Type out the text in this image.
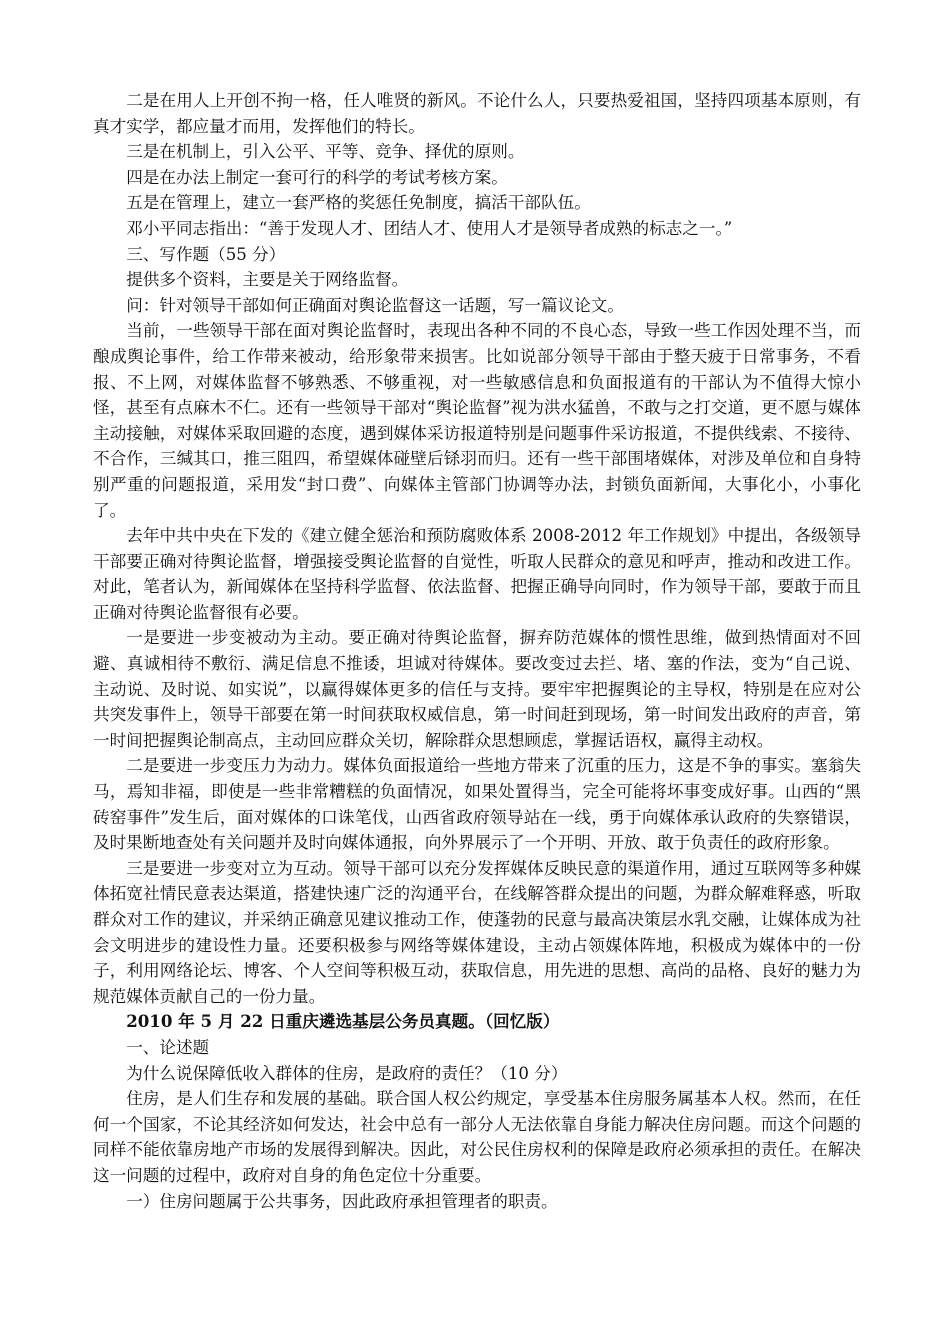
二是在用人上开创不拘一格，任人唯贤的新风。不论什么人，只要热爱祖国，坚持四项基本原则，有真才实学，都应量才而用，发挥他们的特长。

三是在机制上，引入公平、平等、竞争、择优的原则。

四是在办法上制定一套可行的科学的考试考核方案。

五是在管理上，建立一套严格的奖惩任免制度，搞活干部队伍。

邓小平同志指出：“善于发现人才、团结人才、使用人才是领导者成熟的标志之一。”

三、写作题（55 分）

提供多个资料，主要是关于网络监督。

问：针对领导干部如何正确面对舆论监督这一话题，写一篇议论文。

当前，一些领导干部在面对舆论监督时，表现出各种不同的不良心态，导致一些工作因处理不当，而酿成舆论事件，给工作带来被动，给形象带来损害。比如说部分领导干部由于整天疲于日常事务，不看报、不上网，对媒体监督不够熟悉、不够重视，对一些敏感信息和负面报道有的干部认为不值得大惊小怪，甚至有点麻木不仁。还有一些领导干部对“舆论监督”视为洪水猛兽，不敢与之打交道，更不愿与媒体主动接触，对媒体采取回避的态度，遇到媒体采访报道特别是问题事件采访报道，不提供线索、不接待、不合作，三缄其口，推三阻四，希望媒体碰壁后铩羽而归。还有一些干部围堵媒体，对涉及单位和自身特别严重的问题报道，采用发“封口费”、向媒体主管部门协调等办法，封锁负面新闻，大事化小，小事化了。

去年中共中央在下发的《建立健全惩治和预防腐败体系 2008-2012 年工作规划》中提出，各级领导干部要正确对待舆论监督，增强接受舆论监督的自觉性，听取人民群众的意见和呼声，推动和改进工作。对此，笔者认为，新闻媒体在坚持科学监督、依法监督、把握正确导向同时，作为领导干部，要敢于而且正确对待舆论监督很有必要。

一是要进一步变被动为主动。要正确对待舆论监督，摒弃防范媒体的惯性思维，做到热情面对不回避、真诚相待不敷衍、满足信息不推诿，坦诚对待媒体。要改变过去拦、堵、塞的作法，变为“自己说、主动说、及时说、如实说”，以赢得媒体更多的信任与支持。要牢牢把握舆论的主导权，特别是在应对公共突发事件上，领导干部要在第一时间获取权威信息，第一时间赶到现场，第一时间发出政府的声音，第一时间把握舆论制高点，主动回应群众关切，解除群众思想顾虑，掌握话语权，赢得主动权。

二是要进一步变压力为动力。媒体负面报道给一些地方带来了沉重的压力，这是不争的事实。塞翁失马，焉知非福，即使是一些非常糟糕的负面情况，如果处置得当，完全可能将坏事变成好事。山西的“黑砖窑事件”发生后，面对媒体的口诛笔伐，山西省政府领导站在一线，勇于向媒体承认政府的失察错误，及时果断地查处有关问题并及时向媒体通报，向外界展示了一个开明、开放、敢于负责任的政府形象。

三是要进一步变对立为互动。领导干部可以充分发挥媒体反映民意的渠道作用，通过互联网等多种媒体拓宽社情民意表达渠道，搭建快速广泛的沟通平台，在线解答群众提出的问题，为群众解难释惑，听取群众对工作的建议，并采纳正确意见建议推动工作，使蓬勃的民意与最高决策层水乳交融，让媒体成为社会文明进步的建设性力量。还要积极参与网络等媒体建设，主动占领媒体阵地，积极成为媒体中的一份子，利用网络论坛、博客、个人空间等积极互动，获取信息，用先进的思想、高尚的品格、良好的魅力为规范媒体贡献自己的一份力量。

2010 年 5 月 22 日重庆遴选基层公务员真题。（回忆版）

一、论述题

为什么说保障低收入群体的住房，是政府的责任？（10 分）

住房，是人们生存和发展的基础。联合国人权公约规定，享受基本住房服务属基本人权。然而，在任何一个国家，不论其经济如何发达，社会中总有一部分人无法依靠自身能力解决住房问题。而这个问题的同样不能依靠房地产市场的发展得到解决。因此，对公民住房权利的保障是政府必须承担的责任。在解决这一问题的过程中，政府对自身的角色定位十分重要。

一）住房问题属于公共事务，因此政府承担管理者的职责。
